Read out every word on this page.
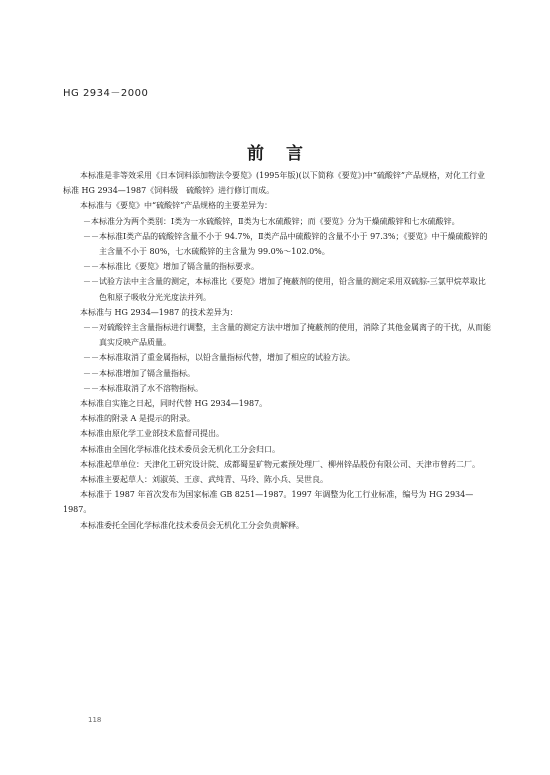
HG 2934－2000
前言

本标准是非等效采用《日本饲料添加物法令要览》(1995年版)(以下简称《要览》)中“硫酸锌”产品规格，对化工行业标准 HG 2934—1987《饲料级　硫酸锌》进行修订而成。

本标准与《要览》中“硫酸锌”产品规格的主要差异为：

－本标准分为两个类别：Ⅰ类为一水硫酸锌，Ⅱ类为七水硫酸锌；而《要览》分为干燥硫酸锌和七水硫酸锌。

－－本标准Ⅰ类产品的硫酸锌含量不小于 94.7%，Ⅱ类产品中硫酸锌的含量不小于 97.3%；《要览》中干燥硫酸锌的主含量不小于 80%，七水硫酸锌的主含量为 99.0%～102.0%。

－－本标准比《要览》增加了镉含量的指标要求。

－－试验方法中主含量的测定，本标准比《要览》增加了掩蔽剂的使用，铅含量的测定采用双硫腙-三氯甲烷萃取比色和原子吸收分光光度法并列。

本标准与 HG 2934—1987 的技术差异为：

－－对硫酸锌主含量指标进行调整，主含量的测定方法中增加了掩蔽剂的使用，消除了其他金属离子的干扰，从而能真实反映产品质量。

－－本标准取消了重金属指标，以铅含量指标代替，增加了相应的试验方法。

－－本标准增加了镉含量指标。

－－本标准取消了水不溶物指标。

本标准自实施之日起，同时代替 HG 2934—1987。

本标准的附录 A 是提示的附录。

本标准由原化学工业部技术监督司提出。

本标准由全国化学标准化技术委员会无机化工分会归口。

本标准起草单位：天津化工研究设计院、成都蜀星矿物元素预处理厂、柳州锌品股份有限公司、天津市曾药二厂。

本标准主要起草人：刘淑英、王彦、武纯青、马玲、陈小兵、吴世良。

本标准于 1987 年首次发布为国家标准 GB 8251—1987。1997 年调整为化工行业标准，编号为 HG 2934—1987。

本标准委托全国化学标准化技术委员会无机化工分会负责解释。

118
